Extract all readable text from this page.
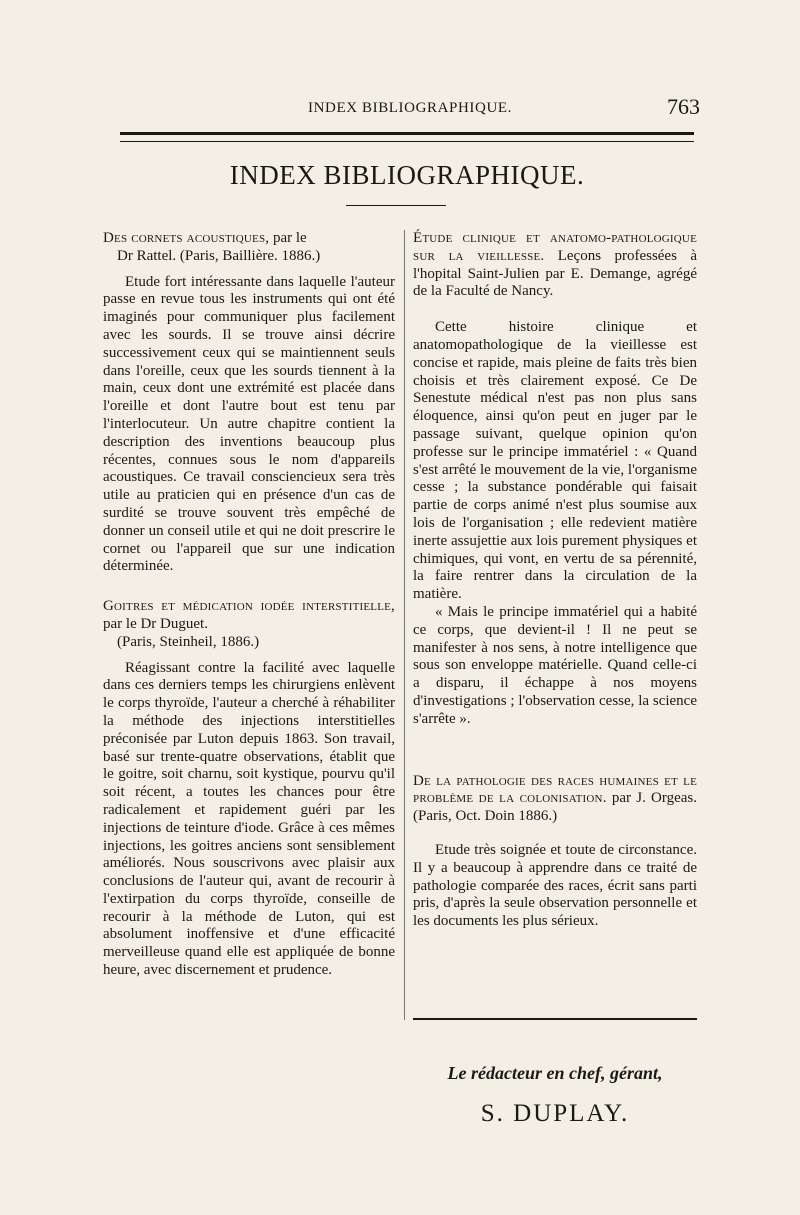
INDEX BIBLIOGRAPHIQUE.	763
INDEX BIBLIOGRAPHIQUE.
Des cornets acoustiques, par le
Dr Rattel. (Paris, Baillière. 1886.)

Etude fort intéressante dans laquelle l'auteur passe en revue tous les instruments qui ont été imaginés pour communiquer plus facilement avec les sourds. Il se trouve ainsi décrire successivement ceux qui se maintiennent seuls dans l'oreille, ceux que les sourds tiennent à la main, ceux dont une extrémité est placée dans l'oreille et dont l'autre bout est tenu par l'interlocuteur. Un autre chapitre contient la description des inventions beaucoup plus récentes, connues sous le nom d'appareils acoustiques. Ce travail consciencieux sera très utile au praticien qui en présence d'un cas de surdité se trouve souvent très empêché de donner un conseil utile et qui ne doit prescrire le cornet ou l'appareil que sur une indication déterminée.

Goitres et médication iodée interstitielle, par le Dr Duguet.
(Paris, Steinheil, 1886.)

Réagissant contre la facilité avec laquelle dans ces derniers temps les chirurgiens enlèvent le corps thyroïde, l'auteur a cherché à réhabiliter la méthode des injections interstitielles préconisée par Luton depuis 1863. Son travail, basé sur trente-quatre observations, établit que le goitre, soit charnu, soit kystique, pourvu qu'il soit récent, a toutes les chances pour être radicalement et rapidement guéri par les injections de teinture d'iode. Grâce à ces mêmes injections, les goitres anciens sont sensiblement améliorés. Nous souscrivons avec plaisir aux conclusions de l'auteur qui, avant de recourir à l'extirpation du corps thyroïde, conseille de recourir à la méthode de Luton, qui est absolument inoffensive et d'une efficacité merveilleuse quand elle est appliquée de bonne heure, avec discernement et prudence.

Étude clinique et anatomo-pathologique sur la vieillesse. Leçons professées à l'hopital Saint-Julien par E. Demange, agrégé de la Faculté de Nancy.

Cette histoire clinique et anatomopathologique de la vieillesse est concise et rapide, mais pleine de faits très bien choisis et très clairement exposé. Ce De Senestute médical n'est pas non plus sans éloquence, ainsi qu'on peut en juger par le passage suivant, quelque opinion qu'on professe sur le principe immatériel : « Quand s'est arrêté le mouvement de la vie, l'organisme cesse ; la substance pondérable qui faisait partie de corps animé n'est plus soumise aux lois de l'organisation ; elle redevient matière inerte assujettie aux lois purement physiques et chimiques, qui vont, en vertu de sa pérennité, la faire rentrer dans la circulation de la matière.

« Mais le principe immatériel qui a habité ce corps, que devient-il ! Il ne peut se manifester à nos sens, à notre intelligence que sous son enveloppe matérielle. Quand celle-ci a disparu, il échappe à nos moyens d'investigations ; l'observation cesse, la science s'arrête ».

De la pathologie des races humaines et le problème de la colonisation. par J. Orgeas. (Paris, Oct. Doin 1886.)

Etude très soignée et toute de circonstance. Il y a beaucoup à apprendre dans ce traité de pathologie comparée des races, écrit sans parti pris, d'après la seule observation personnelle et les documents les plus sérieux.

Le rédacteur en chef, gérant,
S. DUPLAY.
